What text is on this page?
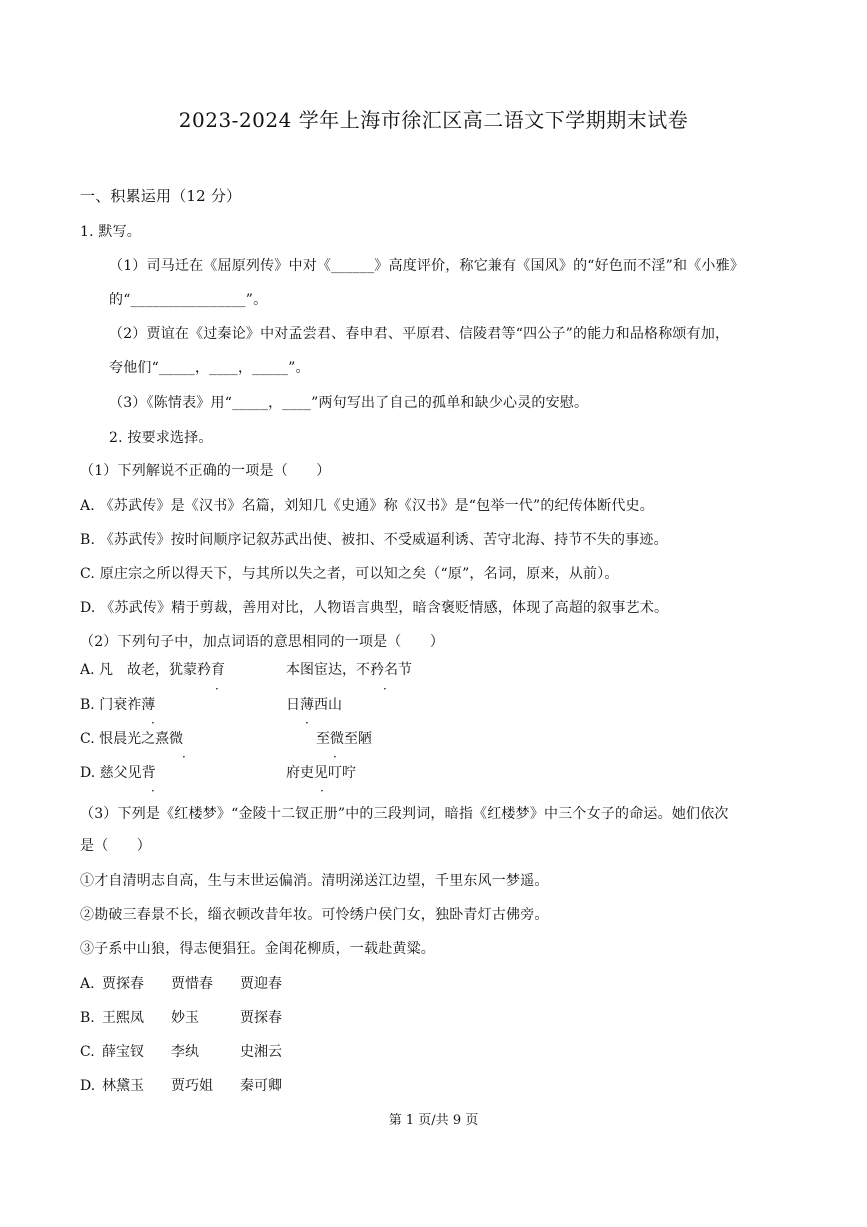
2023-2024 学年上海市徐汇区高二语文下学期期末试卷
一、积累运用（12 分）
1. 默写。
（1）司马迁在《屈原列传》中对《______》高度评价，称它兼有《国风》的“好色而不淫”和《小雅》
的“________________”。
（2）贾谊在《过秦论》中对孟尝君、春申君、平原君、信陵君等“四公子”的能力和品格称颂有加，
夸他们“_____，____，_____”。
（3）《陈情表》用“_____，____”两句写出了自己的孤单和缺少心灵的安慰。
2. 按要求选择。
（1）下列解说不正确的一项是（　　）
A. 《苏武传》是《汉书》名篇，刘知几《史通》称《汉书》是“包举一代”的纪传体断代史。
B. 《苏武传》按时间顺序记叙苏武出使、被扣、不受威逼利诱、苦守北海、持节不失的事迹。
C. 原庄宗之所以得天下，与其所以失之者，可以知之矣（“原”，名词，原来，从前）。
D. 《苏武传》精于剪裁，善用对比，人物语言典型，暗含褒贬情感，体现了高超的叙事艺术。
（2）下列句子中，加点词语的意思相同的一项是（　　）
A. 凡　故老，犹蒙矜育	本图宦达，不矜名节
·	·
B. 门衰祚薄	日薄西山
·	·
C. 恨晨光之熹微	至微至陋
·	·
D. 慈父见背	府吏见叮咛
·	·
（3）下列是《红楼梦》“金陵十二钗正册”中的三段判词，暗指《红楼梦》中三个女子的命运。她们依次
是（　　）
①才自清明志自高，生与末世运偏消。清明涕送江边望，千里东风一梦遥。
②勘破三春景不长，缁衣顿改昔年妆。可怜绣户侯门女，独卧青灯古佛旁。
③子系中山狼，得志便猖狂。金闺花柳质，一载赴黄粱。
A. 贾探春 贾惜春 贾迎春
B. 王熙凤 妙玉	贾探春
C. 薛宝钗 李纨	史湘云
D. 林黛玉 贾巧姐 秦可卿
第 1 页/共 9 页
